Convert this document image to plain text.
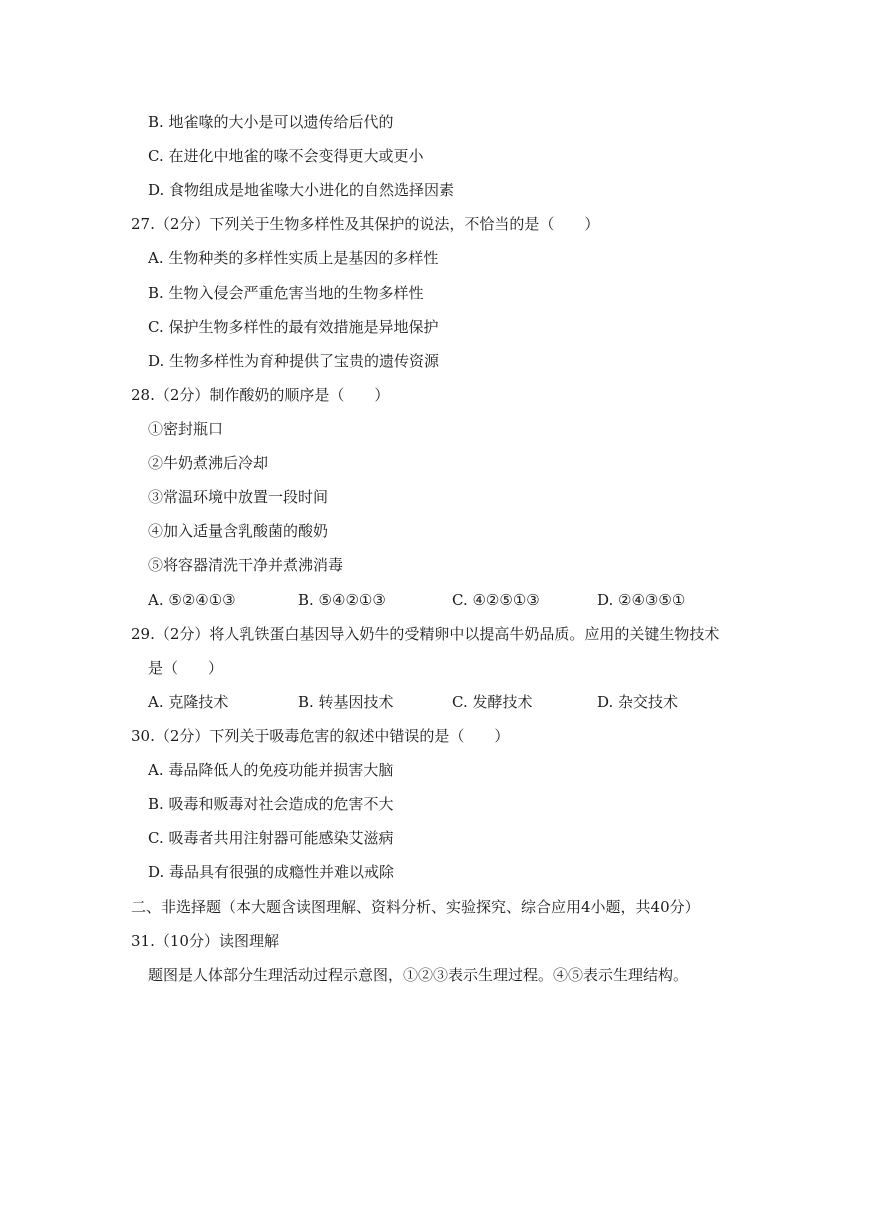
B. 地雀喙的大小是可以遗传给后代的
C. 在进化中地雀的喙不会变得更大或更小
D. 食物组成是地雀喙大小进化的自然选择因素
27.（2分）下列关于生物多样性及其保护的说法，不恰当的是（　　）
A. 生物种类的多样性实质上是基因的多样性
B. 生物入侵会严重危害当地的生物多样性
C. 保护生物多样性的最有效措施是异地保护
D. 生物多样性为育种提供了宝贵的遗传资源
28.（2分）制作酸奶的顺序是（　　）
①密封瓶口
②牛奶煮沸后冷却
③常温环境中放置一段时间
④加入适量含乳酸菌的酸奶
⑤将容器清洗干净并煮沸消毒
A. ⑤②④①③	B. ⑤④②①③	C. ④②⑤①③	D. ②④③⑤①
29.（2分）将人乳铁蛋白基因导入奶牛的受精卵中以提高牛奶品质。应用的关键生物技术
是（　　）
A. 克隆技术	B. 转基因技术	C. 发酵技术	D. 杂交技术
30.（2分）下列关于吸毒危害的叙述中错误的是（　　）
A. 毒品降低人的免疫功能并损害大脑
B. 吸毒和贩毒对社会造成的危害不大
C. 吸毒者共用注射器可能感染艾滋病
D. 毒品具有很强的成瘾性并难以戒除
二、非选择题（本大题含读图理解、资料分析、实验探究、综合应用4小题，共40分）
31.（10分）读图理解
题图是人体部分生理活动过程示意图，①②③表示生理过程。④⑤表示生理结构。
